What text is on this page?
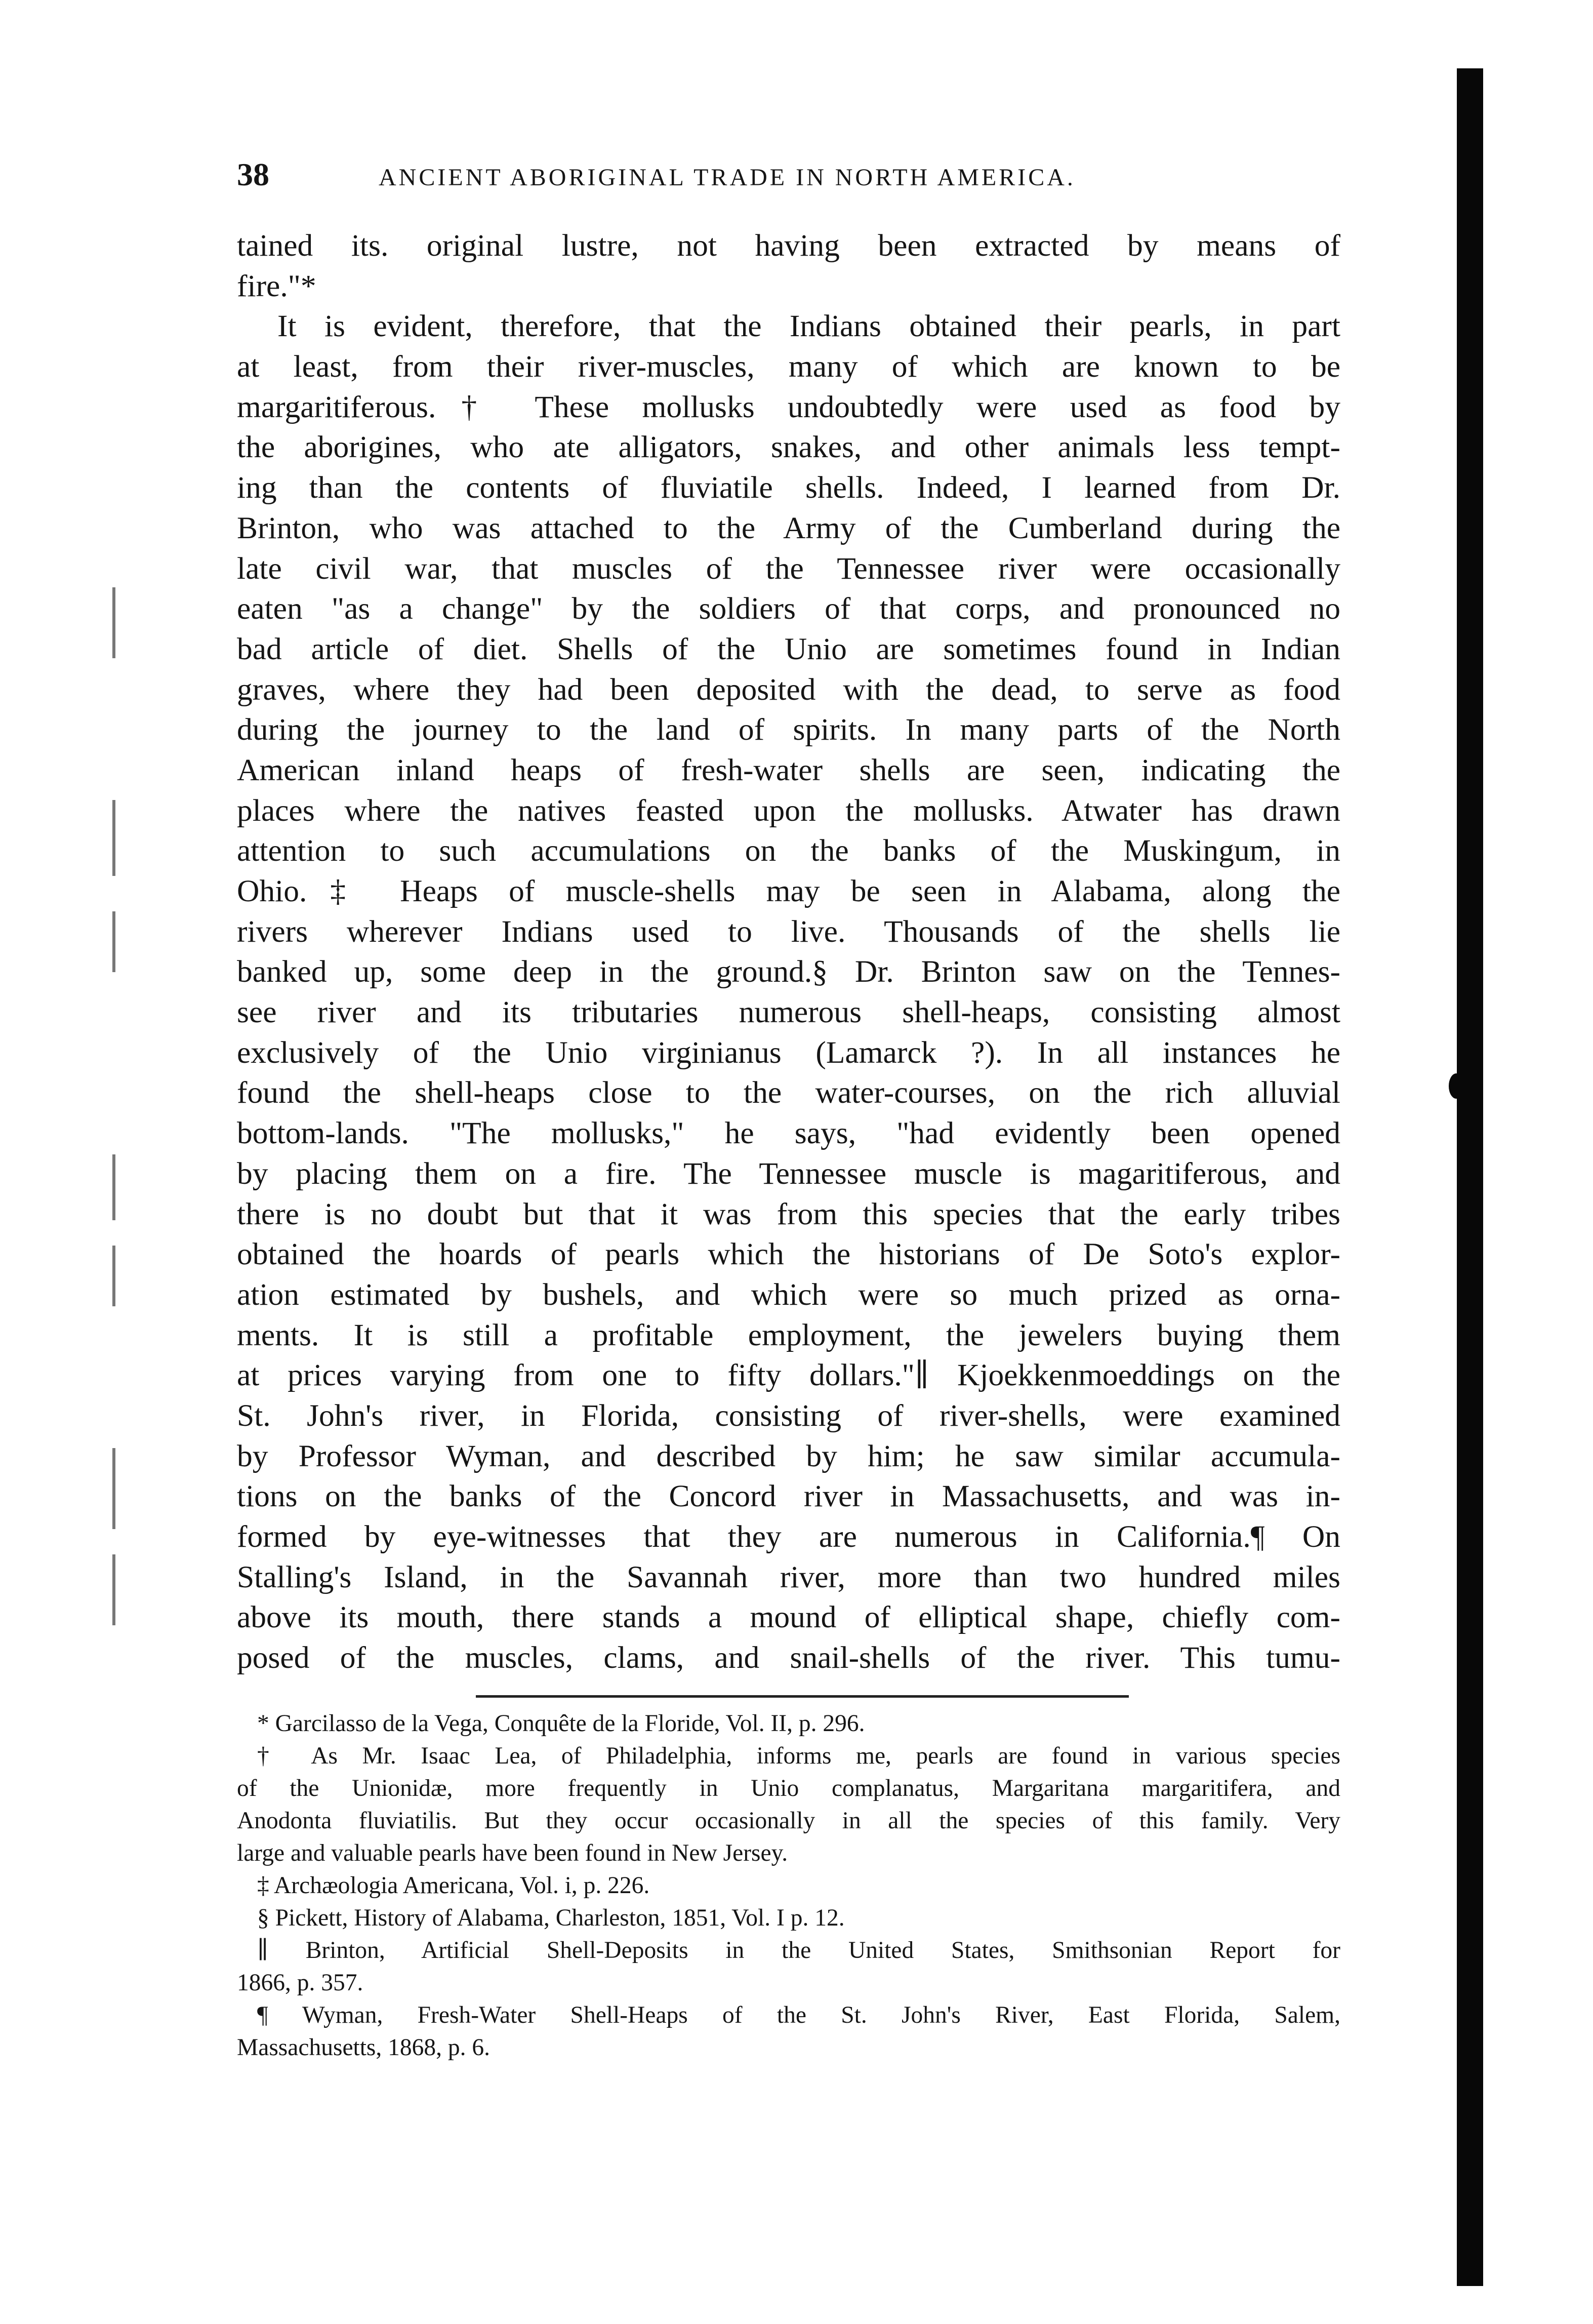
38	ANCIENT ABORIGINAL TRADE IN NORTH AMERICA.
tained its. original lustre, not having been extracted by means of
fire."*
It is evident, therefore, that the Indians obtained their pearls, in part
at least, from their river-muscles, many of which are known to be
margaritiferous.† These mollusks undoubtedly were used as food by
the aborigines, who ate alligators, snakes, and other animals less tempt-
ing than the contents of fluviatile shells. Indeed, I learned from Dr.
Brinton, who was attached to the Army of the Cumberland during the
late civil war, that muscles of the Tennessee river were occasionally
eaten "as a change" by the soldiers of that corps, and pronounced no
bad article of diet. Shells of the Unio are sometimes found in Indian
graves, where they had been deposited with the dead, to serve as food
during the journey to the land of spirits. In many parts of the North
American inland heaps of fresh-water shells are seen, indicating the
places where the natives feasted upon the mollusks. Atwater has drawn
attention to such accumulations on the banks of the Muskingum, in
Ohio.‡ Heaps of muscle-shells may be seen in Alabama, along the
rivers wherever Indians used to live. Thousands of the shells lie
banked up, some deep in the ground.§ Dr. Brinton saw on the Tennes-
see river and its tributaries numerous shell-heaps, consisting almost
exclusively of the Unio virginianus (Lamarck ?). In all instances he
found the shell-heaps close to the water-courses, on the rich alluvial
bottom-lands. "The mollusks," he says, "had evidently been opened
by placing them on a fire. The Tennessee muscle is magaritiferous, and
there is no doubt but that it was from this species that the early tribes
obtained the hoards of pearls which the historians of De Soto's explor-
ation estimated by bushels, and which were so much prized as orna-
ments. It is still a profitable employment, the jewelers buying them
at prices varying from one to fifty dollars."∥ Kjoekkenmoeddings on the
St. John's river, in Florida, consisting of river-shells, were examined
by Professor Wyman, and described by him; he saw similar accumula-
tions on the banks of the Concord river in Massachusetts, and was in-
formed by eye-witnesses that they are numerous in California.¶ On
Stalling's Island, in the Savannah river, more than two hundred miles
above its mouth, there stands a mound of elliptical shape, chiefly com-
posed of the muscles, clams, and snail-shells of the river. This tumu-
* Garcilasso de la Vega, Conquête de la Floride, Vol. II, p. 296.
† As Mr. Isaac Lea, of Philadelphia, informs me, pearls are found in various species
of the Unionidæ, more frequently in Unio complanatus, Margaritana margaritifera, and
Anodonta fluviatilis. But they occur occasionally in all the species of this family. Very
large and valuable pearls have been found in New Jersey.
‡ Archæologia Americana, Vol. i, p. 226.
§ Pickett, History of Alabama, Charleston, 1851, Vol. I p. 12.
∥ Brinton, Artificial Shell-Deposits in the United States, Smithsonian Report for
1866, p. 357.
¶ Wyman, Fresh-Water Shell-Heaps of the St. John's River, East Florida, Salem,
Massachusetts, 1868, p. 6.
